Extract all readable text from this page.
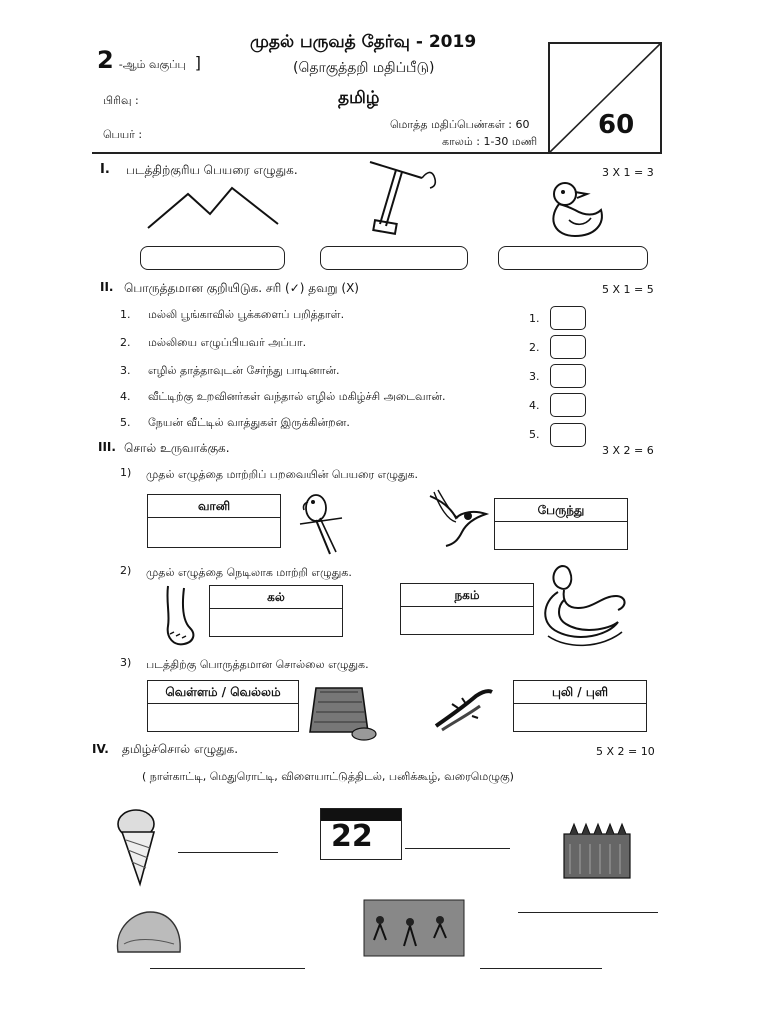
முதல் பருவத் தேர்வு - 2019
(தொகுத்தறி மதிப்பீடு)
தமிழ்
2 -ஆம் வகுப்பு ]
பிரிவு :
பெயர் :
மொத்த மதிப்பெண்கள் : 60
காலம் : 1-30 மணி
60
I. படத்திற்குரிய பெயரை எழுதுக.	3 X 1 = 3
II. பொருத்தமான குறியிடுக. சரி (✓) தவறு (X)	5 X 1 = 5
1. மல்லி பூங்காவில் பூக்களைப் பறித்தாள்.
2. மல்லியை எழுப்பியவர் அப்பா.
3. எழில் தாத்தாவுடன் சேர்ந்து பாடினான்.
4. வீட்டிற்கு உறவினர்கள் வந்தால் எழில் மகிழ்ச்சி அடைவான்.
5. நேயன் வீட்டில் வாத்துகள் இருக்கின்றன.
1.
2.
3.
4.
5.
III. சொல் உருவாக்குக.	3 X 2 = 6
1) முதல் எழுத்தை மாற்றிப் பறவையின் பெயரை எழுதுக.
வானி	பேருந்து
2) முதல் எழுத்தை நெடிலாக மாற்றி எழுதுக.
கல்	நகம்
3) படத்திற்கு பொருத்தமான சொல்லை எழுதுக.
வெள்ளம் / வெல்லம்	புலி / புளி
IV. தமிழ்ச்சொல் எழுதுக.	5 X 2 = 10
( நாள்காட்டி, மெதுரொட்டி, விளையாட்டுத்திடல், பனிக்கூழ், வரைமெழுகு)
22
